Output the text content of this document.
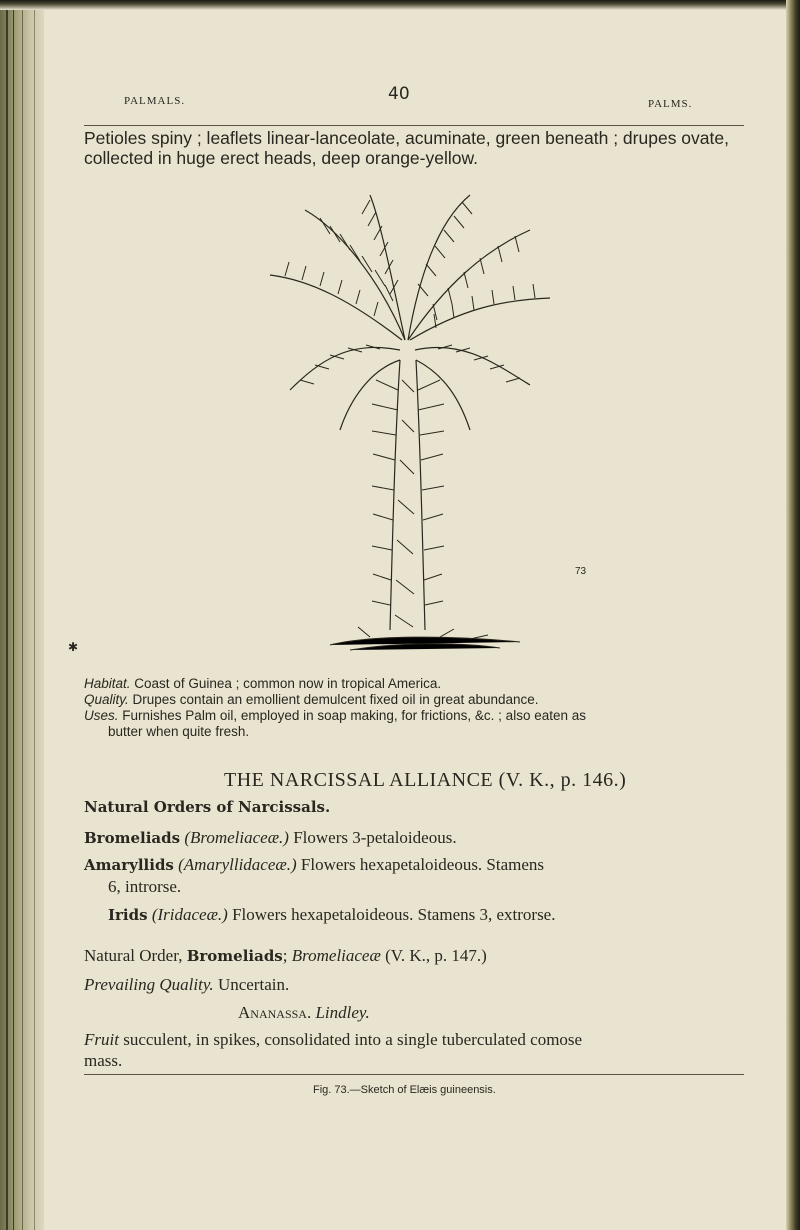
✱
PALMALS.	40	PALMS.
Petioles spiny ; leaflets linear-lanceolate, acuminate, green beneath ; drupes ovate, collected in huge erect heads, deep orange-yellow.
73

Habitat. Coast of Guinea ; common now in tropical America.

Quality. Drupes contain an emollient demulcent fixed oil in great abundance.

Uses. Furnishes Palm oil, employed in soap making, for frictions, &c. ; also eaten as

butter when quite fresh.

THE NARCISSAL ALLIANCE (V. K., p. 146.)
Natural Orders of Narcissals.
Bromeliads (Bromeliaceæ.) Flowers 3-petaloideous.
Amaryllids (Amaryllidaceæ.) Flowers hexapetaloideous. Stamens
6, introrse.
Irids (Iridaceæ.) Flowers hexapetaloideous. Stamens 3, extrorse.
Natural Order, Bromeliads; Bromeliaceæ (V. K., p. 147.)
Prevailing Quality. Uncertain.
Ananassa. Lindley.
Fruit succulent, in spikes, consolidated into a single tuberculated comose
mass.
Fig. 73.—Sketch of Elæis guineensis.
